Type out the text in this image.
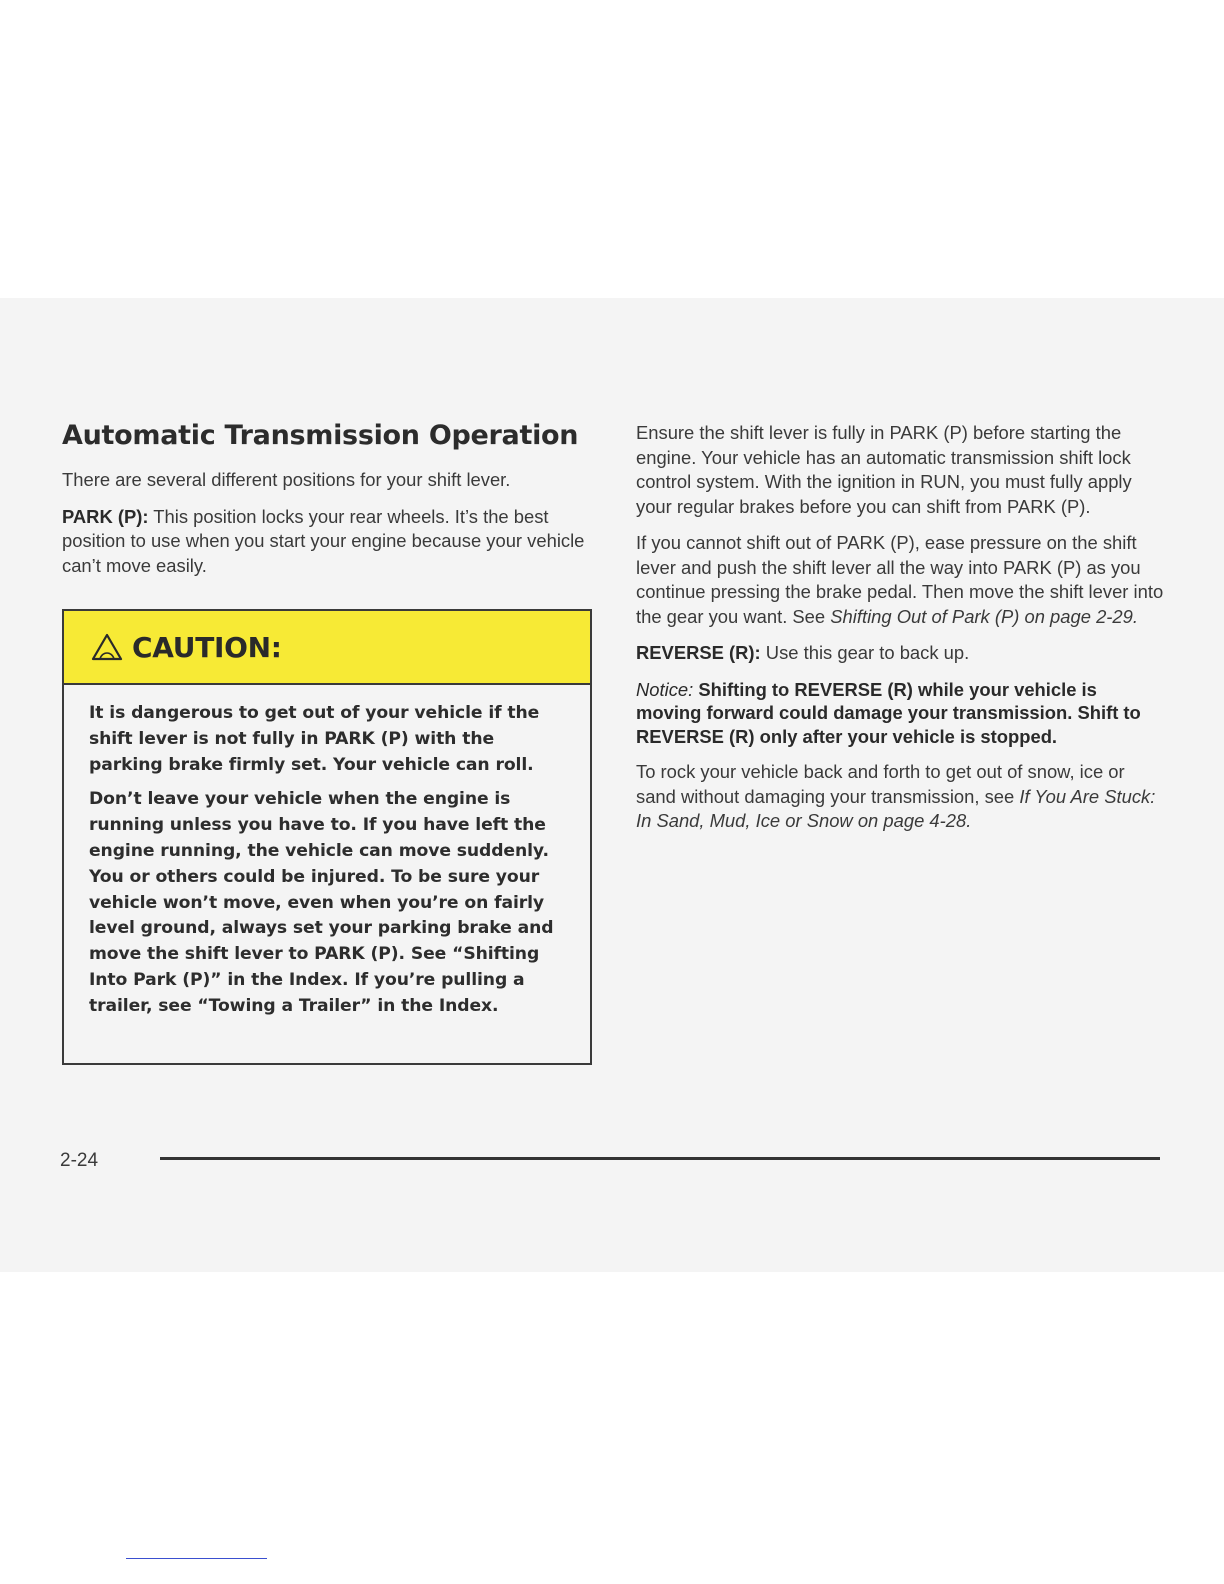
Automatic Transmission Operation

There are several different positions for your shift lever.

PARK (P): This position locks your rear wheels. It’s the best position to use when you start your engine because your vehicle can’t move easily.

CAUTION:

It is dangerous to get out of your vehicle if the shift lever is not fully in PARK (P) with the parking brake firmly set. Your vehicle can roll.

Don’t leave your vehicle when the engine is running unless you have to. If you have left the engine running, the vehicle can move suddenly. You or others could be injured. To be sure your vehicle won’t move, even when you’re on fairly level ground, always set your parking brake and move the shift lever to PARK (P). See “Shifting Into Park (P)” in the Index. If you’re pulling a trailer, see “Towing a Trailer” in the Index.

Ensure the shift lever is fully in PARK (P) before starting the engine. Your vehicle has an automatic transmission shift lock control system. With the ignition in RUN, you must fully apply your regular brakes before you can shift from PARK (P).

If you cannot shift out of PARK (P), ease pressure on the shift lever and push the shift lever all the way into PARK (P) as you continue pressing the brake pedal. Then move the shift lever into the gear you want. See Shifting Out of Park (P) on page 2-29.

REVERSE (R): Use this gear to back up.

Notice: Shifting to REVERSE (R) while your vehicle is moving forward could damage your transmission. Shift to REVERSE (R) only after your vehicle is stopped.

To rock your vehicle back and forth to get out of snow, ice or sand without damaging your transmission, see If You Are Stuck: In Sand, Mud, Ice or Snow on page 4-28.

2-24
